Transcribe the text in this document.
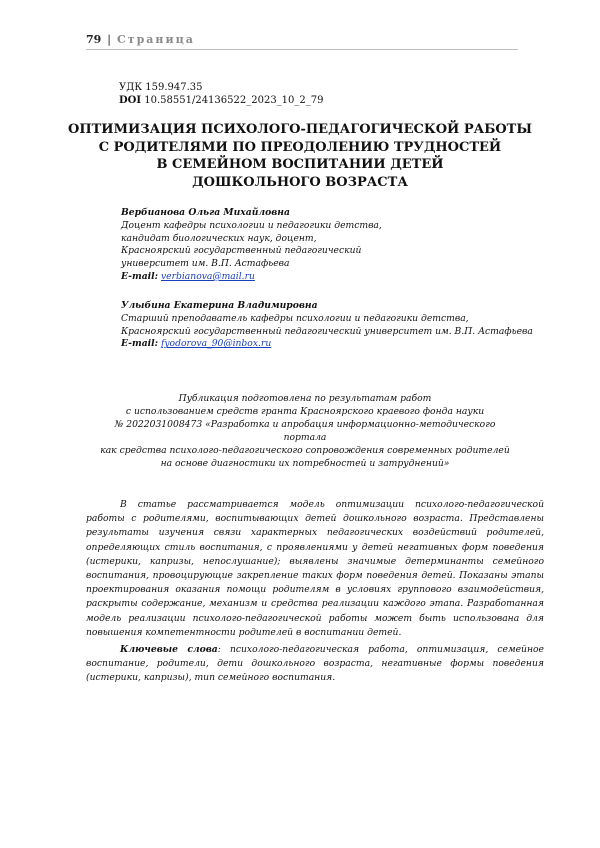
79 | Страница
УДК 159.947.35
DOI 10.58551/24136522_2023_10_2_79
ОПТИМИЗАЦИЯ ПСИХОЛОГО-ПЕДАГОГИЧЕСКОЙ РАБОТЫ
С РОДИТЕЛЯМИ ПО ПРЕОДОЛЕНИЮ ТРУДНОСТЕЙ
В СЕМЕЙНОМ ВОСПИТАНИИ ДЕТЕЙ
ДОШКОЛЬНОГО ВОЗРАСТА
Вербианова Ольга Михайловна
Доцент кафедры психологии и педагогики детства,
кандидат биологических наук, доцент,
Красноярский государственный педагогический
университет им. В.П. Астафьева
E-mail: verbianova@mail.ru
Улыбина Екатерина Владимировна
Старший преподаватель кафедры психологии и педагогики детства,
Красноярский государственный педагогический университет им. В.П. Астафьева
E-mail: fyodorova_90@inbox.ru
Публикация подготовлена по результатам работ
с использованием средств гранта Красноярского краевого фонда науки
№ 2022031008473 «Разработка и апробация информационно-методического портала
как средства психолого-педагогического сопровождения современных родителей
на основе диагностики их потребностей и затруднений»

В статье рассматривается модель оптимизации психолого-педагогической работы с родителями, воспитывающих детей дошкольного возраста. Представлены результаты изучения связи характерных педагогических воздействий родителей, определяющих стиль воспитания, с проявлениями у детей негативных форм поведения (истерики, капризы, непослушание); выявлены значимые детерминанты семейного воспитания, провоцирующие закрепление таких форм поведения детей. Показаны этапы проектирования оказания помощи родителям в условиях группового взаимодействия, раскрыты содержание, механизм и средства реализации каждого этапа. Разработанная модель реализации психолого-педагогической работы может быть использована для повышения компетентности родителей в воспитании детей.

Ключевые слова: психолого-педагогическая работа, оптимизация, семейное воспитание, родители, дети дошкольного возраста, негативные формы поведения (истерики, капризы), тип семейного воспитания.
